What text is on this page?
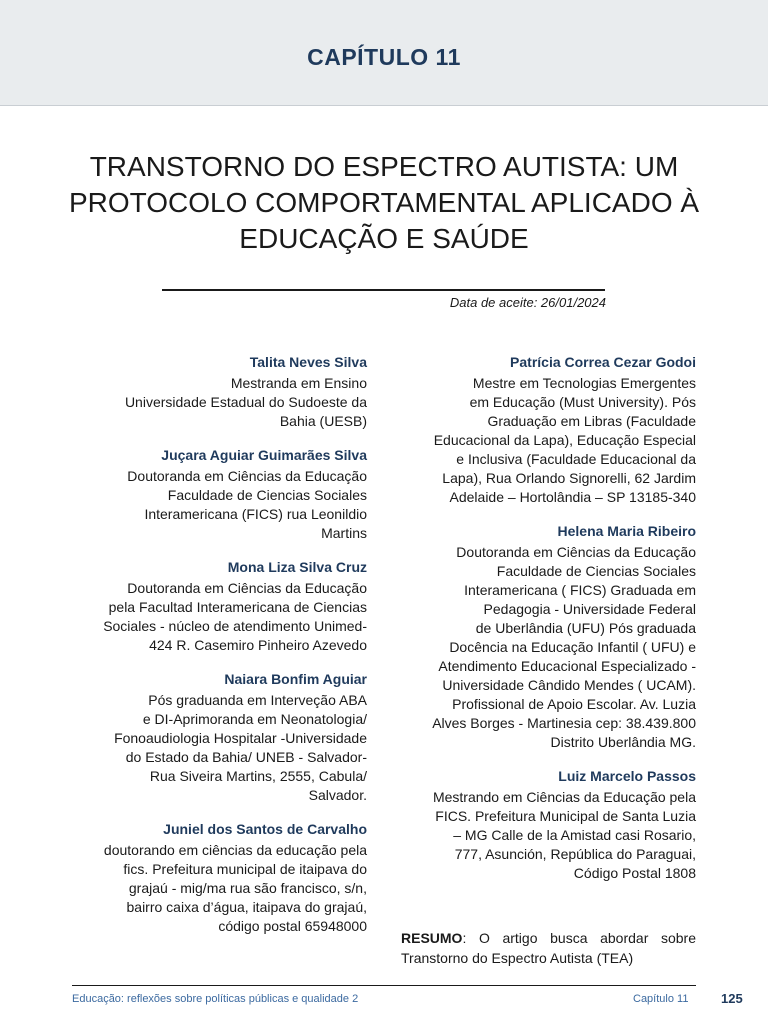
CAPÍTULO 11
TRANSTORNO DO ESPECTRO AUTISTA: UM
PROTOCOLO COMPORTAMENTAL APLICADO À
EDUCAÇÃO E SAÚDE
Data de aceite: 26/01/2024
Talita Neves Silva
Mestranda em Ensino
Universidade Estadual do Sudoeste da
Bahia (UESB)
Juçara Aguiar Guimarães Silva
Doutoranda em Ciências da Educação
Faculdade de Ciencias Sociales
Interamericana (FICS) rua Leonildio
Martins
Mona Liza Silva Cruz
Doutoranda em Ciências da Educação
pela Facultad Interamericana de Ciencias
Sociales - núcleo de atendimento Unimed-
424 R. Casemiro Pinheiro Azevedo
Naiara Bonfim Aguiar
Pós graduanda em Interveção ABA
e DI-Aprimoranda em Neonatologia/
Fonoaudiologia Hospitalar -Universidade
do Estado da Bahia/ UNEB - Salvador-
Rua Siveira Martins, 2555, Cabula/
Salvador.
Juniel dos Santos de Carvalho
doutorando em ciências da educação pela
fics. Prefeitura municipal de itaipava do
grajaú - mig/ma rua são francisco, s/n,
bairro caixa d’água, itaipava do grajaú,
código postal 65948000
Patrícia Correa Cezar Godoi
Mestre em Tecnologias Emergentes
em Educação (Must University). Pós
Graduação em Libras (Faculdade
Educacional da Lapa), Educação Especial
e Inclusiva (Faculdade Educacional da
Lapa), Rua Orlando Signorelli, 62 Jardim
Adelaide – Hortolândia – SP 13185-340
Helena Maria Ribeiro
Doutoranda em Ciências da Educação
Faculdade de Ciencias Sociales
Interamericana ( FICS) Graduada em
Pedagogia - Universidade Federal
de Uberlândia (UFU) Pós graduada
Docência na Educação Infantil ( UFU) e
Atendimento Educacional Especializado -
Universidade Cândido Mendes ( UCAM).
Profissional de Apoio Escolar. Av. Luzia
Alves Borges - Martinesia cep: 38.439.800
Distrito Uberlândia MG.
Luiz Marcelo Passos
Mestrando em Ciências da Educação pela
FICS. Prefeitura Municipal de Santa Luzia
– MG Calle de la Amistad casi Rosario,
777, Asunción, República do Paraguai,
Código Postal 1808
RESUMO: O artigo busca abordar sobre Transtorno do Espectro Autista (TEA)
Educação: reflexões sobre políticas públicas e qualidade 2	Capítulo 11	125
